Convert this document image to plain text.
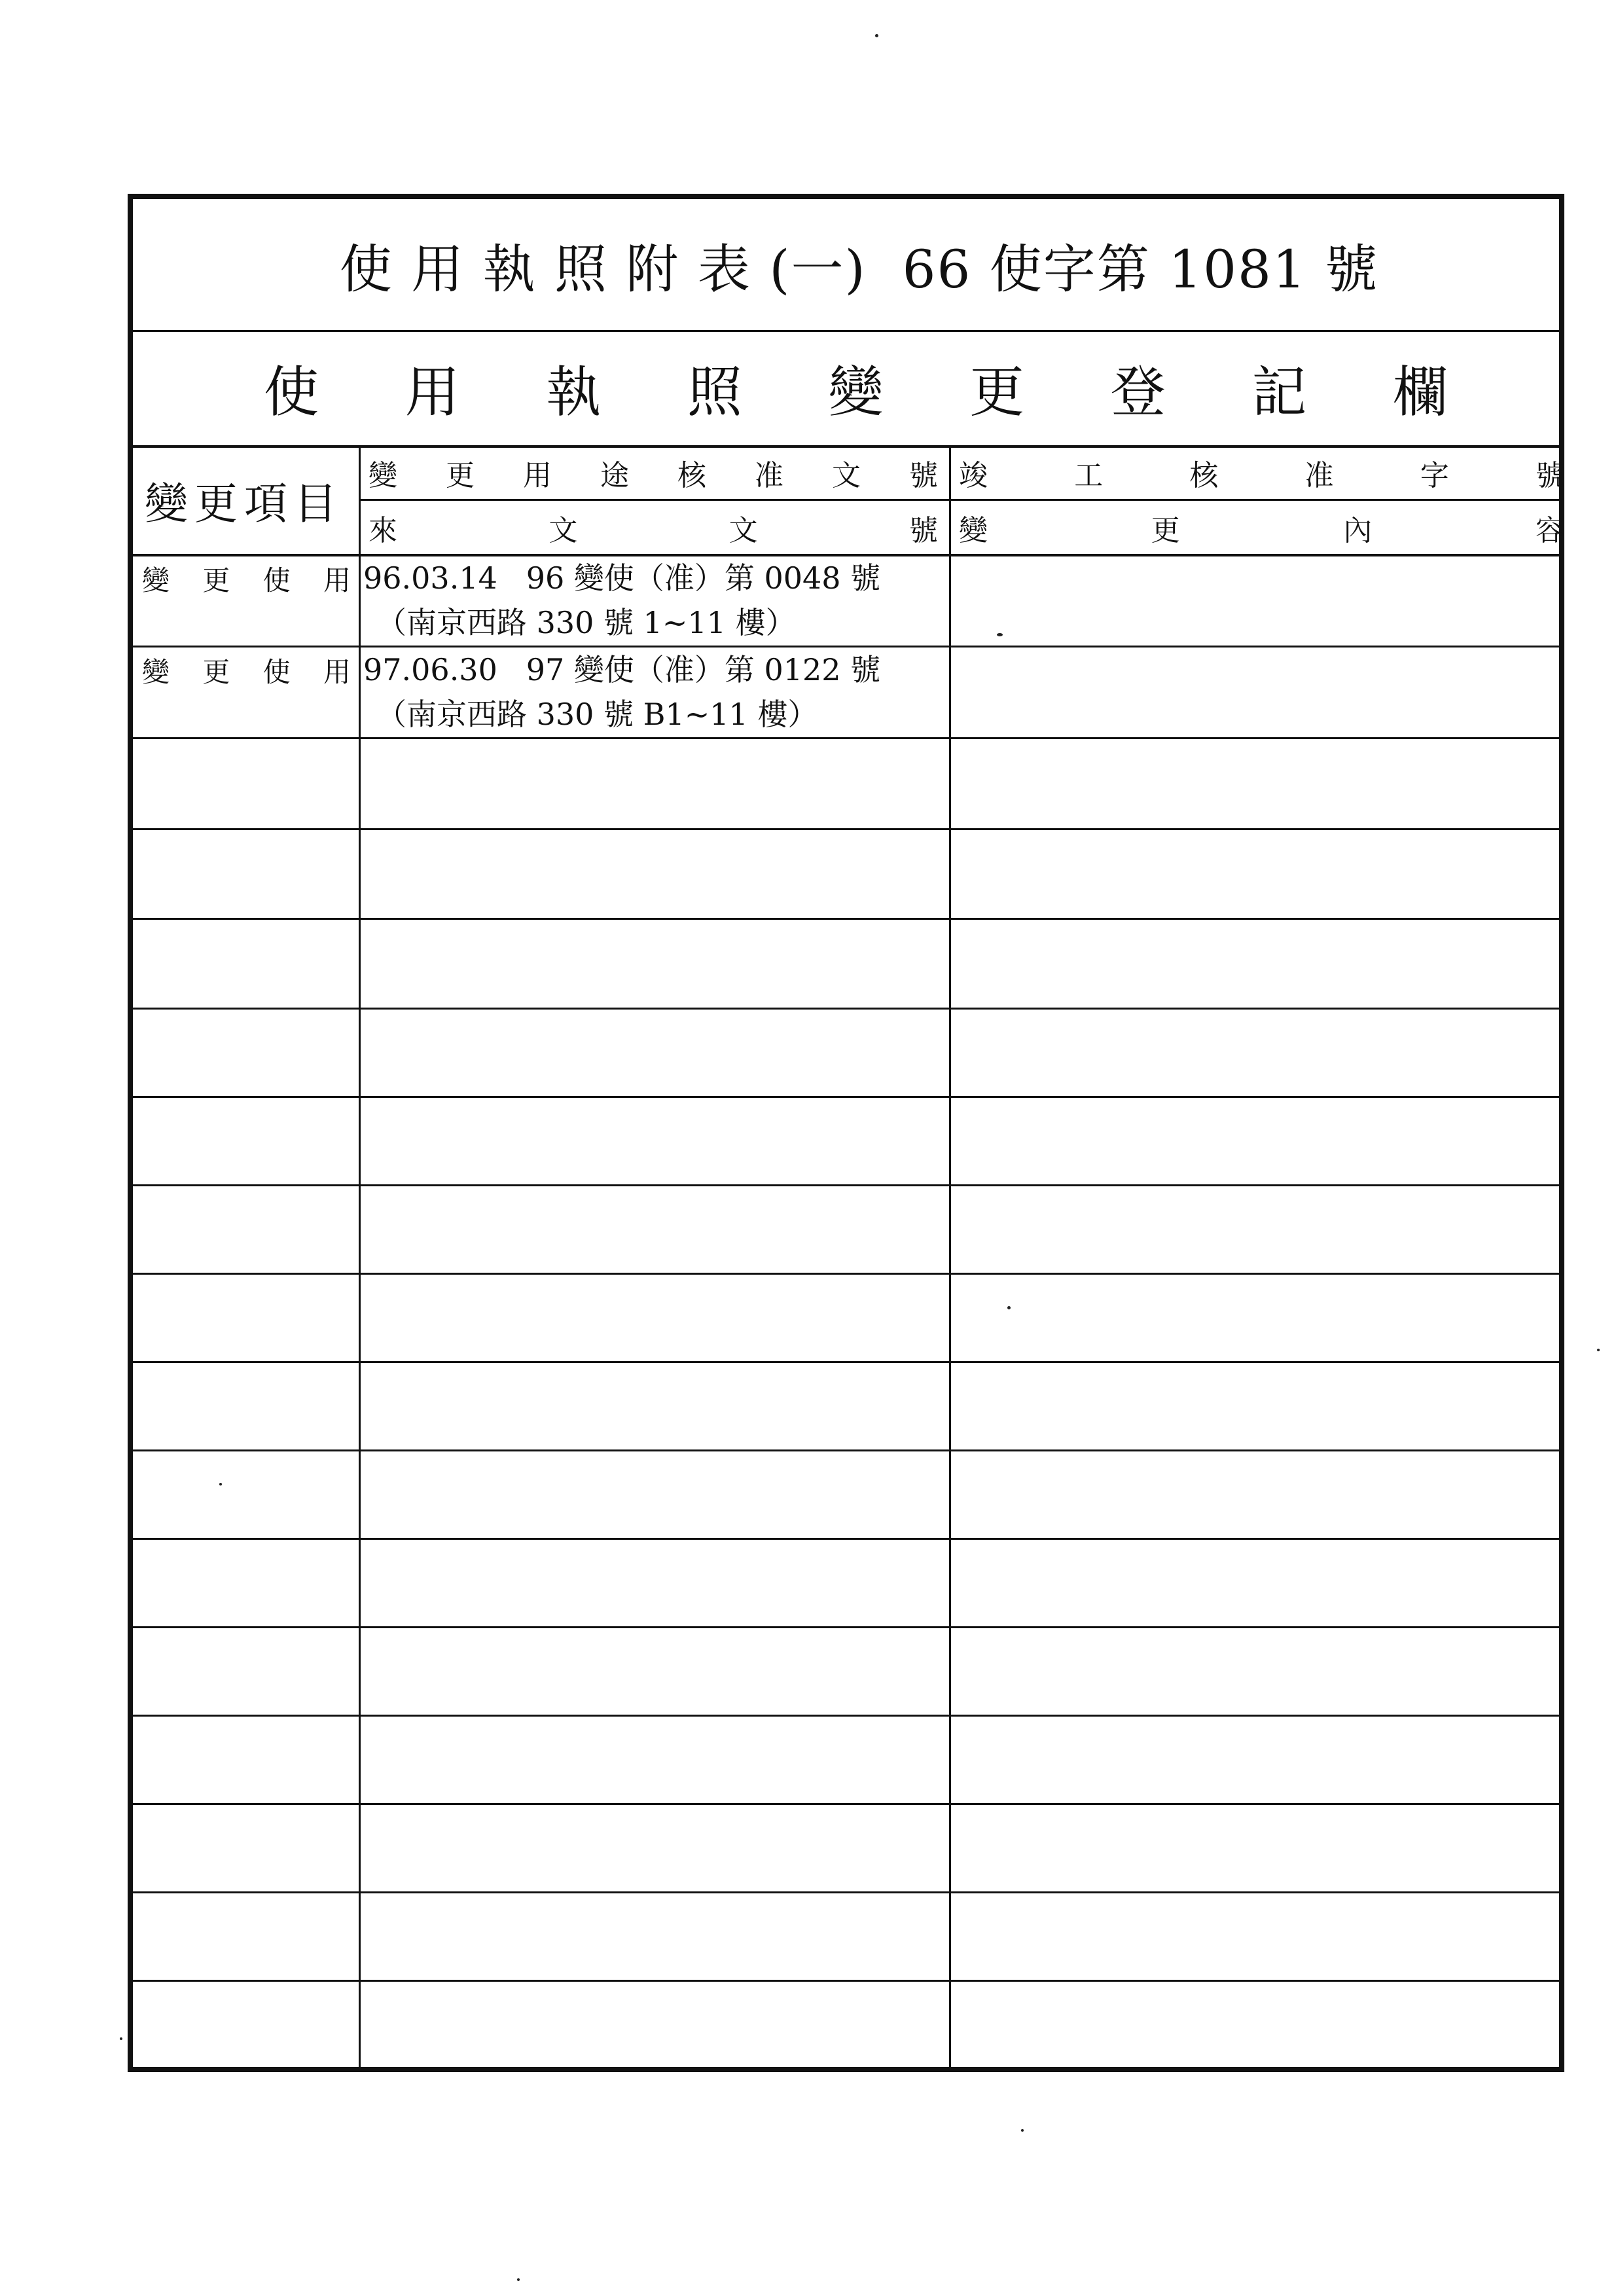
使 用 執 照 附 表 (一)  66 使字第 1081 號
使用執照變更登記欄
變更項目
變更用途核准文號
來文文號
竣工核准字號
變更內容
變更使用 96.03.14   96 變使（准）第 0048 號
（南京西路 330 號 1~11 樓）
變更使用 97.06.30   97 變使（准）第 0122 號
（南京西路 330 號 B1~11 樓）
